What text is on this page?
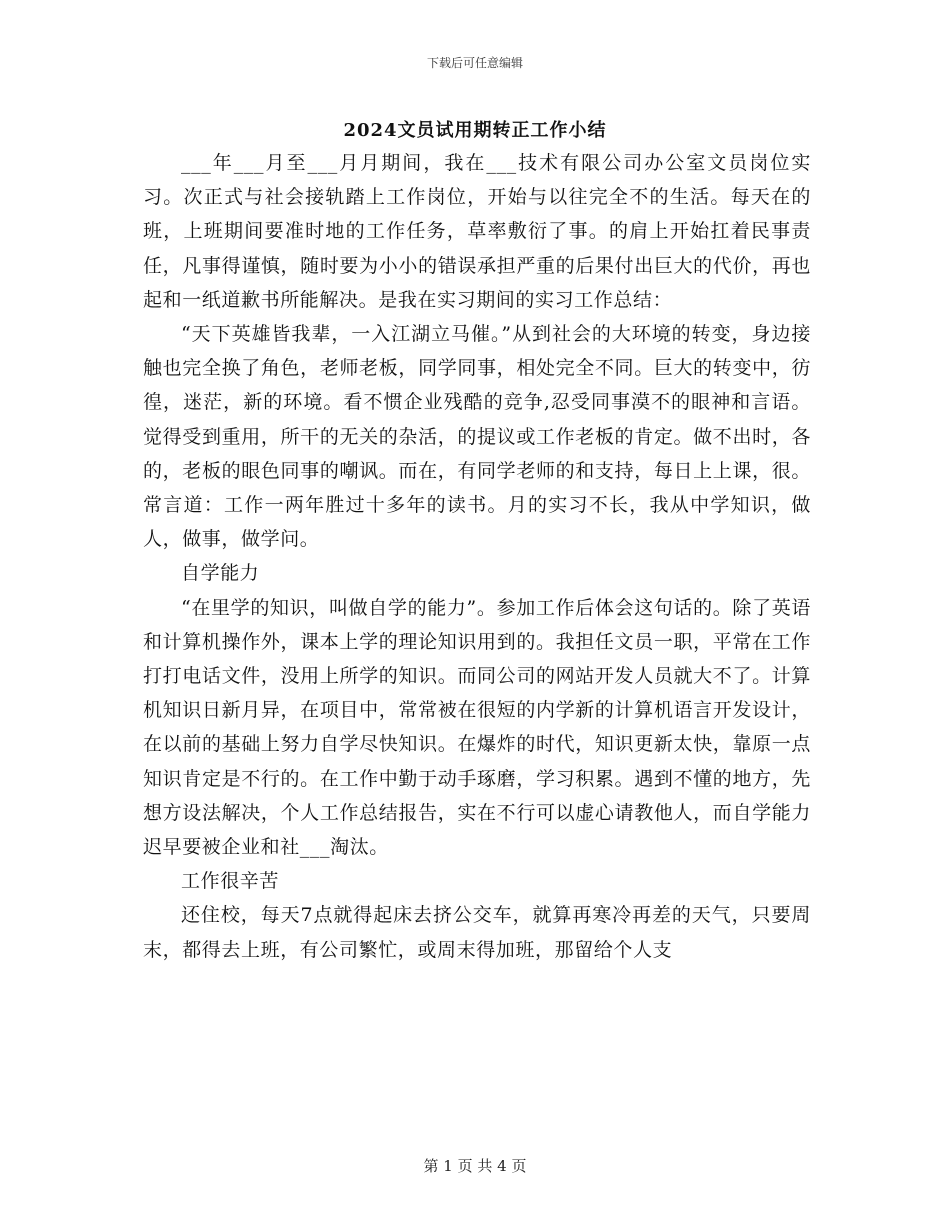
下载后可任意编辑
2024文员试用期转正工作小结

___年___月至___月月期间，我在___技术有限公司办公室文员岗位实习。次正式与社会接轨踏上工作岗位，开始与以往完全不的生活。每天在的班，上班期间要准时地的工作任务，草率敷衍了事。的肩上开始扛着民事责任，凡事得谨慎，随时要为小小的错误承担严重的后果付出巨大的代价，再也起和一纸道歉书所能解决。是我在实习期间的实习工作总结：

“天下英雄皆我辈，一入江湖立马催。”从到社会的大环境的转变，身边接触也完全换了角色，老师老板，同学同事，相处完全不同。巨大的转变中，彷徨，迷茫，新的环境。看不惯企业残酷的竞争,忍受同事漠不的眼神和言语。觉得受到重用，所干的无关的杂活，的提议或工作老板的肯定。做不出时，各的，老板的眼色同事的嘲讽。而在，有同学老师的和支持，每日上上课，很。常言道：工作一两年胜过十多年的读书。月的实习不长，我从中学知识，做人，做事，做学问。

自学能力

“在里学的知识，叫做自学的能力”。参加工作后体会这句话的。除了英语和计算机操作外，课本上学的理论知识用到的。我担任文员一职，平常在工作打打电话文件，没用上所学的知识。而同公司的网站开发人员就大不了。计算机知识日新月异，在项目中，常常被在很短的内学新的计算机语言开发设计，在以前的基础上努力自学尽快知识。在爆炸的时代，知识更新太快，靠原一点知识肯定是不行的。在工作中勤于动手琢磨，学习积累。遇到不懂的地方，先想方设法解决，个人工作总结报告，实在不行可以虚心请教他人，而自学能力迟早要被企业和社___淘汰。

工作很辛苦

还住校，每天7点就得起床去挤公交车，就算再寒冷再差的天气，只要周末，都得去上班，有公司繁忙，或周末得加班，那留给个人支

第 1 页 共 4 页
